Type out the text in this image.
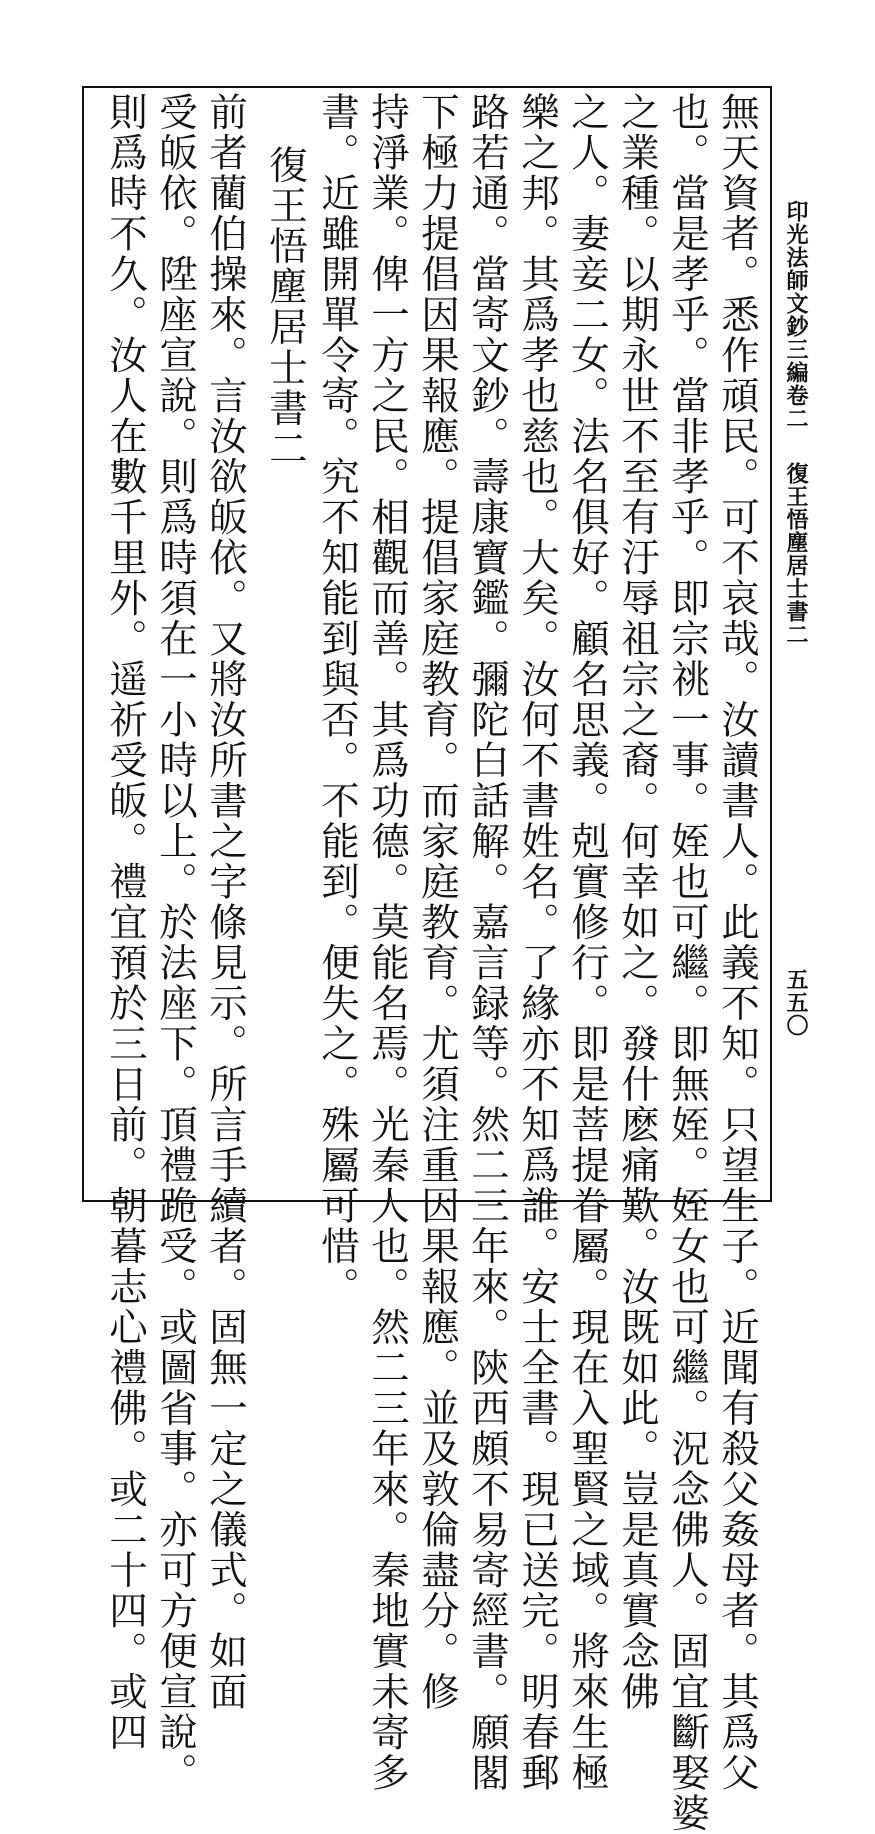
無天資者。悉作頑民。可不哀哉。汝讀書人。此義不知。只望生子。近聞有殺父姦母者。其爲父
也。當是孝乎。當非孝乎。即宗祧一事。姪也可繼。即無姪。姪女也可繼。況念佛人。固宜斷娶婆
之業種。以期永世不至有汙辱祖宗之裔。何幸如之。發什麽痛歎。汝既如此。豈是真實念佛
之人。妻妾二女。法名俱好。顧名思義。剋實修行。即是菩提眷屬。現在入聖賢之域。將來生極
樂之邦。其爲孝也慈也。大矣。汝何不書姓名。了緣亦不知爲誰。安士全書。現已送完。明春郵
路若通。當寄文鈔。壽康寶鑑。彌陀白話解。嘉言録等。然二三年來。陝西頗不易寄經書。願閣
下極力提倡因果報應。提倡家庭教育。而家庭教育。尤須注重因果報應。並及敦倫盡分。修
持淨業。俾一方之民。相觀而善。其爲功德。莫能名焉。光秦人也。然二三年來。秦地實未寄多
書。近雖開單令寄。究不知能到與否。不能到。便失之。殊屬可惜。
復王悟塵居士書二
前者藺伯操來。言汝欲皈依。又將汝所書之字條見示。所言手續者。固無一定之儀式。如面
受皈依。陞座宣說。則爲時須在一小時以上。於法座下。頂禮跪受。或圖省事。亦可方便宣說。
則爲時不久。汝人在數千里外。遥祈受皈。禮宜預於三日前。朝暮志心禮佛。或二十四。或四	印光法師文鈔三編卷二
復王悟塵居士書二
五五〇
